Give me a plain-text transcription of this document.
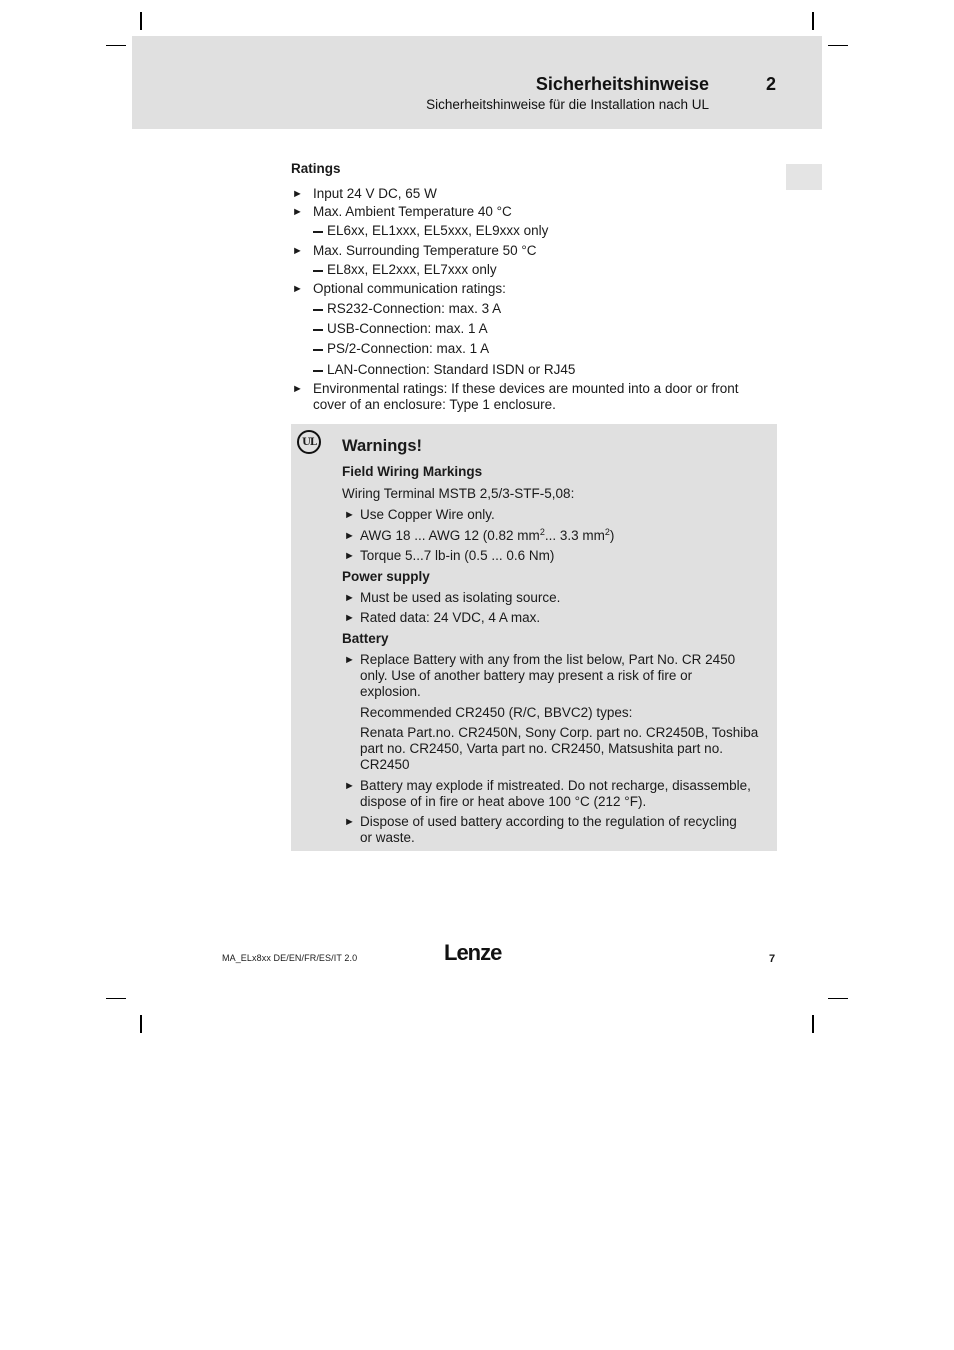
Sicherheitshinweise	2
Sicherheitshinweise für die Installation nach UL
Ratings
► Input 24 V DC, 65 W
► Max. Ambient Temperature 40 °C
EL6xx, EL1xxx, EL5xxx, EL9xxx only
► Max. Surrounding Temperature 50 °C
EL8xx, EL2xxx, EL7xxx only
► Optional communication ratings:
RS232-Connection: max. 3 A
USB-Connection: max. 1 A
PS/2-Connection: max. 1 A
LAN-Connection: Standard ISDN or RJ45
► Environmental ratings: If these devices are mounted into a door or front
cover of an enclosure: Type 1 enclosure.
UL	Warnings!
Field Wiring Markings
Wiring Terminal MSTB 2,5/3-STF-5,08:
► Use Copper Wire only.
► AWG 18 ... AWG 12 (0.82 $mm^2$... 3.3 $mm^2$)
► Torque 5...7 lb-in (0.5 ... 0.6 Nm)
Power supply
► Must be used as isolating source.
► Rated data: 24 VDC, 4 A max.
Battery
► Replace Battery with any from the list below, Part No. CR 2450
only. Use of another battery may present a risk of fire or
explosion.
Recommended CR2450 (R/C, BBVC2) types:
Renata Part.no. CR2450N, Sony Corp. part no. CR2450B, Toshiba
part no. CR2450, Varta part no. CR2450, Matsushita part no.
CR2450
► Battery may explode if mistreated. Do not recharge, disassemble,
dispose of in fire or heat above 100 °C (212 °F).
► Dispose of used battery according to the regulation of recycling
or waste.
MA_ELx8xx DE/EN/FR/ES/IT 2.0	Lenze	7
